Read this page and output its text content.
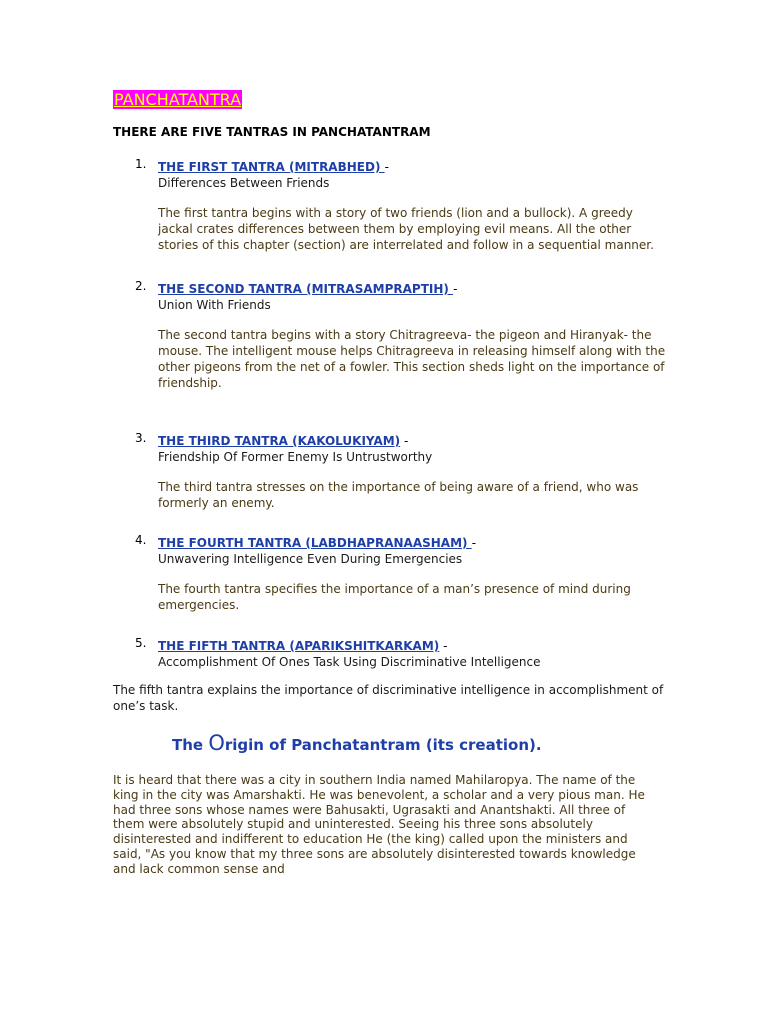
PANCHATANTRA

THERE ARE FIVE TANTRAS IN PANCHATANTRAM

1. THE FIRST TANTRA (MITRABHED) -
Differences Between Friends
The first tantra begins with a story of two friends (lion and a bullock). A greedy jackal crates differences between them by employing evil means. All the other stories of this chapter (section) are interrelated and follow in a sequential manner.
2. THE SECOND TANTRA (MITRASAMPRAPTIH) -
Union With Friends
The second tantra begins with a story Chitragreeva- the pigeon and Hiranyak- the mouse. The intelligent mouse helps Chitragreeva in releasing himself along with the other pigeons from the net of a fowler. This section sheds light on the importance of friendship.
3. THE THIRD TANTRA (KAKOLUKIYAM) -
Friendship Of Former Enemy Is Untrustworthy
The third tantra stresses on the importance of being aware of a friend, who was formerly an enemy.
4. THE FOURTH TANTRA (LABDHAPRANAASHAM) -
Unwavering Intelligence Even During Emergencies
The fourth tantra specifies the importance of a man’s presence of mind during emergencies.
5. THE FIFTH TANTRA (APARIKSHITKARKAM) -
Accomplishment Of Ones Task Using Discriminative Intelligence

The fifth tantra explains the importance of discriminative intelligence in accomplishment of one’s task.

The Origin of Panchatantram (its creation).

It is heard that there was a city in southern India named Mahilaropya. The name of the king in the city was Amarshakti. He was benevolent, a scholar and a very pious man. He had three sons whose names were Bahusakti, Ugrasakti and Anantshakti. All three of them were absolutely stupid and uninterested. Seeing his three sons absolutely disinterested and indifferent to education He (the king) called upon the ministers and said, "As you know that my three sons are absolutely disinterested towards knowledge and lack common sense and
